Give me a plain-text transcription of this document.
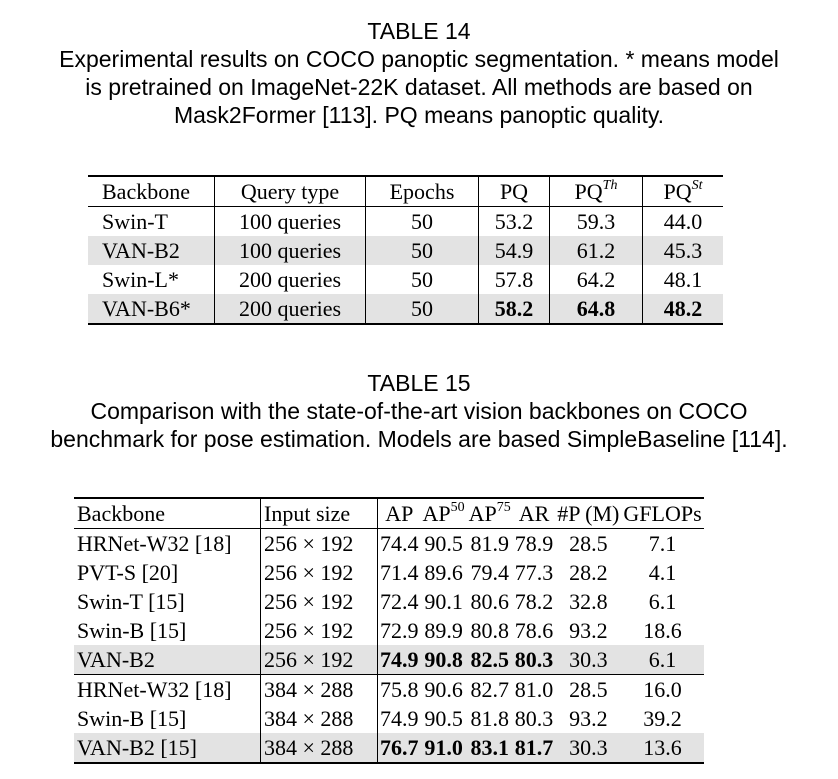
TABLE 14
Experimental results on COCO panoptic segmentation. * means model
is pretrained on ImageNet-22K dataset. All methods are based on
Mask2Former [113]. PQ means panoptic quality.
Backbone	Query type	Epochs	PQ	$PQ^{Th}$	$PQ^{St}$
Swin-T	100 queries	50	53.2	59.3	44.0
VAN-B2	100 queries	50	54.9	61.2	45.3
Swin-L*	200 queries	50	57.8	64.2	48.1
VAN-B6*	200 queries	50	58.2	64.8	48.2
TABLE 15
Comparison with the state-of-the-art vision backbones on COCO
benchmark for pose estimation. Models are based SimpleBaseline [114].
Backbone	Input size	AP	AP$^{50}$	AP$^{75}$	AR	#P (M)	GFLOPs
HRNet-W32 [18]	256 × 192	74.4	90.5	81.9	78.9	28.5	7.1
PVT-S [20]	256 × 192	71.4	89.6	79.4	77.3	28.2	4.1
Swin-T [15]	256 × 192	72.4	90.1	80.6	78.2	32.8	6.1
Swin-B [15]	256 × 192	72.9	89.9	80.8	78.6	93.2	18.6
VAN-B2	256 × 192	74.9	90.8	82.5	80.3	30.3	6.1
HRNet-W32 [18]	384 × 288	75.8	90.6	82.7	81.0	28.5	16.0
Swin-B [15]	384 × 288	74.9	90.5	81.8	80.3	93.2	39.2
VAN-B2 [15]	384 × 288	76.7	91.0	83.1	81.7	30.3	13.6
